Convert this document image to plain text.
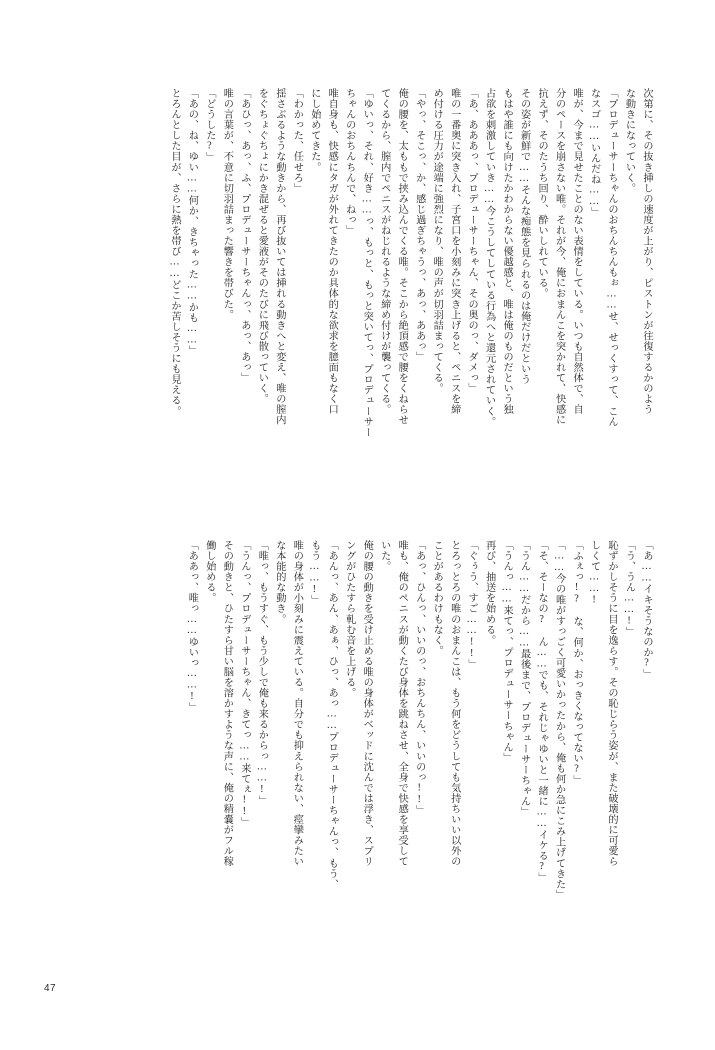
次第に、その抜き挿しの速度が上がり、ピストンが往復するかのよう
な動きになっていく。
「プロデューサーちゃんのおちんちんもぉ……せ、せっくすって、こん
なスゴ……いんだね……」
唯が、今まで見せたことのない表情をしている。いつも自然体で、自
分のペースを崩さない唯。それが今、俺におまんこを突かれて、快感に
抗えず、そのたうち回り、酔いしれている。
その姿が新鮮で……そんな痴態を見られるのは俺だけだという
もはや誰にも向けたかわからない優越感と、唯は俺のものだという独
占欲を刺激していき……今こうしてしている行為へと還元されていく。
「あ、あああっ、プロデューサーちゃん、その奥のっ、ダメっ」
唯の一番奥に突き入れ、子宮口を小刻みに突き上げると、ペニスを締
め付ける圧力が途端に強烈になり、唯の声が切羽詰まってくる。
「やっ、そこっ、か、感じ過ぎちゃうっ、あっ、ああっ」
俺の腰を、太ももで挟み込んでくる唯。そこから絶頂感で腰をくねらせ
てくるから、膣内でペニスがねじれるような締め付けが襲ってくる。
「ゆいっ、それ、好き……っ、もっと、もっと突いてっ、プロデューサー
ちゃんのおちんちんで、ねっ」
唯自身も、快感にタガが外れてきたのか具体的な欲求を臆面もなく口
にし始めてきた。
「わかった、任せろ」
揺さぶるような動きから、再び抜いては挿れる動きへと変え、唯の膣内
をぐちょぐちょにかき混ぜると愛液がそのたびに飛び散っていく。
「あひっ、あっ、ふ、プロデューサーちゃんっ、あっ、あっ」
唯の言葉が、不意に切羽詰まった響きを帯びた。
「どうした?」
「あの、ね、ゆい……何か、きちゃった……かも……」
とろんとした目が、さらに熱を帯び……どこか苦しそうにも見える。
「あ……イキそうなのか?」
「う、うん……!」
恥ずかしそうに目を逸らす。その恥じらう姿が、また破壊的に可愛ら
しくて……!
「ふぇっ!? な、何か、おっきくなってない?」
「……今の唯がすっごく可愛いかったから、俺も何か急にこみ上げてきた」
「そ、そーなの? ん……でも、それじゃゆいと一緒に……イケる?」
「うん……だから……最後まで、プロデューサーちゃん」
「うんっ……来てっ、プロデューサーちゃん」
再び、抽送を始める。
「ぐぅう、すご……!!」
とろっとろの唯のおまんこは、もう何をどうしても気持ちいい以外の
ことがあるわけもなく。
「あっ、ひんっ、いいのっ、おちんちん、いいのっ!!」
唯も、俺のペニスが動くたび身体を跳ねさせ、全身で快感を享受して
いた。
俺の腰の動きを受け止める唯の身体がベッドに沈んでは浮き、スプリ
ングがひたすら軋む音を上げる。
「あんっ、あん、あぁ、ひっ、あっ……プロデューサーちゃんっ、もう、
もう……!」
唯の身体が小刻みに震えている。自分でも抑えられない、痙攣みたい
な本能的な動き。
「唯っ、もうすぐ、もう少しで俺も来るからっ……!」
「うんっ、プロデューサーちゃん、きてっ……来てぇ!!」
その動きと、ひたすら甘い脳を溶かすような声に、俺の精嚢がフル稼
働し始める。
「ああっ、唯っ……ゆいっ……!」
47
